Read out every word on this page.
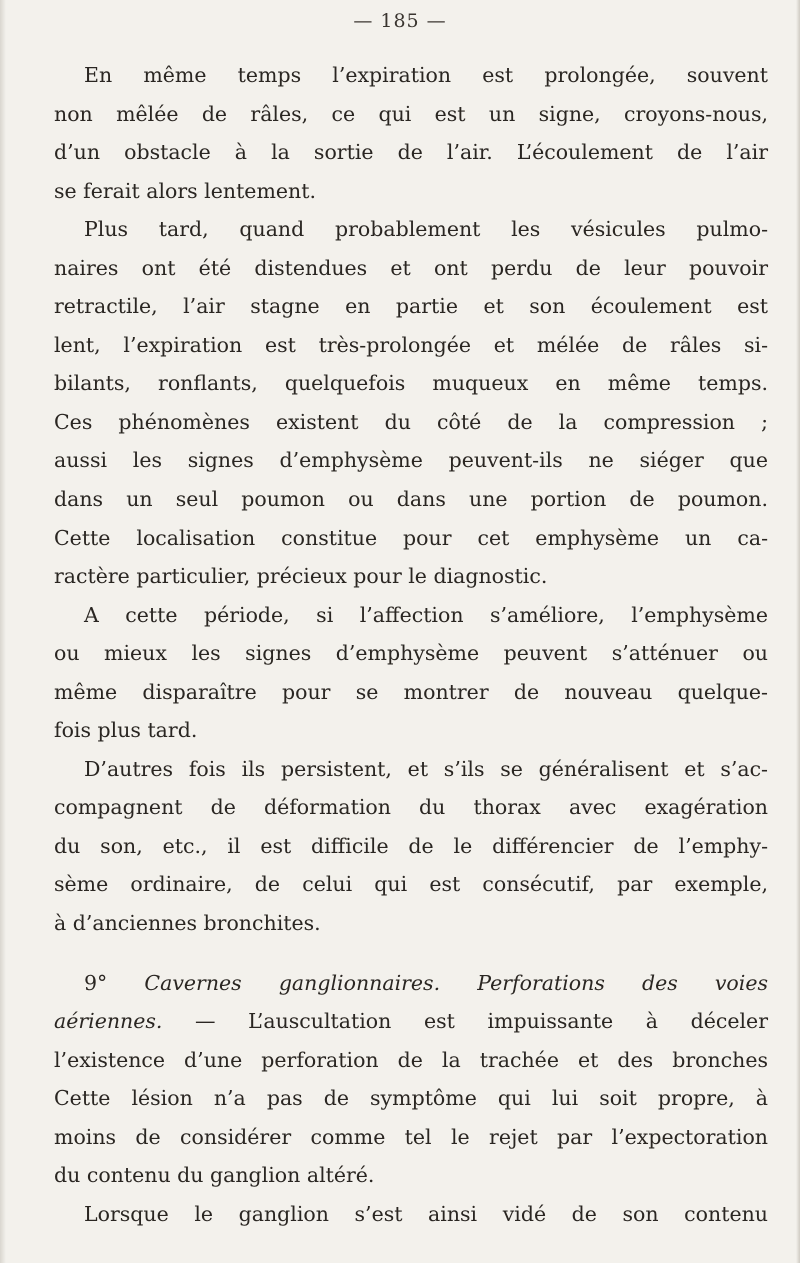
— 185 —
En même temps l’expiration est prolongée, souvent
non mêlée de râles, ce qui est un signe, croyons-nous,
d’un obstacle à la sortie de l’air. L’écoulement de l’air
se ferait alors lentement.
Plus tard, quand probablement les vésicules pulmo-
naires ont été distendues et ont perdu de leur pouvoir
retractile, l’air stagne en partie et son écoulement est
lent, l’expiration est très-prolongée et mélée de râles si-
bilants, ronflants, quelquefois muqueux en même temps.
Ces phénomènes existent du côté de la compression ;
aussi les signes d’emphysème peuvent-ils ne siéger que
dans un seul poumon ou dans une portion de poumon.
Cette localisation constitue pour cet emphysème un ca-
ractère particulier, précieux pour le diagnostic.
A cette période, si l’affection s’améliore, l’emphysème
ou mieux les signes d’emphysème peuvent s’atténuer ou
même disparaître pour se montrer de nouveau quelque-
fois plus tard.
D’autres fois ils persistent, et s’ils se généralisent et s’ac-
compagnent de déformation du thorax avec exagération
du son, etc., il est difficile de le différencier de l’emphy-
sème ordinaire, de celui qui est consécutif, par exemple,
à d’anciennes bronchites.
9° Cavernes ganglionnaires. Perforations des voies
aériennes. — L’auscultation est impuissante à déceler
l’existence d’une perforation de la trachée et des bronches
Cette lésion n’a pas de symptôme qui lui soit propre, à
moins de considérer comme tel le rejet par l’expectoration
du contenu du ganglion altéré.
Lorsque le ganglion s’est ainsi vidé de son contenu
